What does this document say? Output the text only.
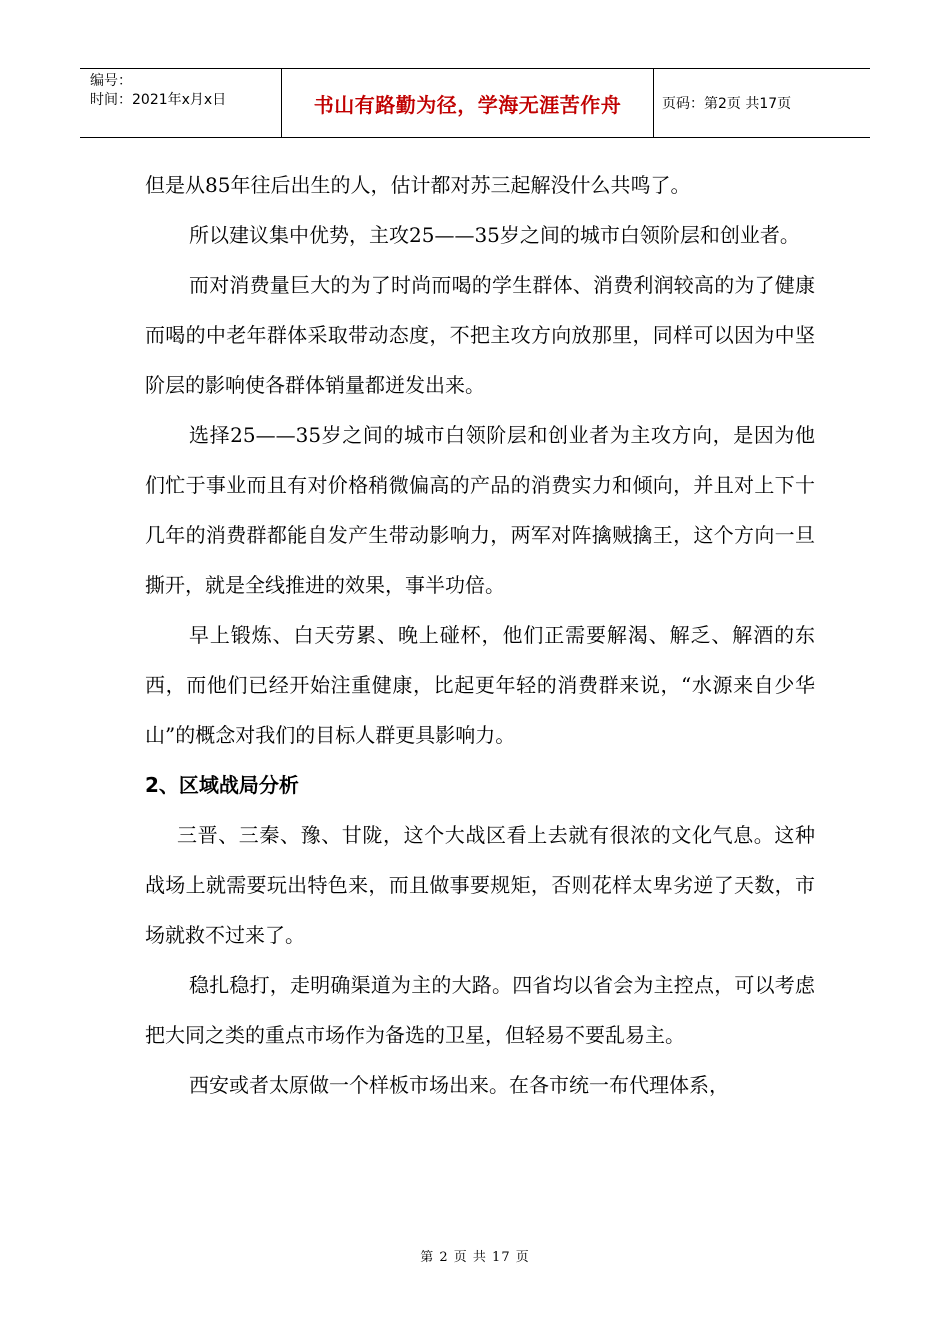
编号：
时间：2021年x月x日	书山有路勤为径，学海无涯苦作舟	页码：第2页 共17页

但是从85年往后出生的人，估计都对苏三起解没什么共鸣了。

所以建议集中优势，主攻25——35岁之间的城市白领阶层和创业者。

而对消费量巨大的为了时尚而喝的学生群体、消费利润较高的为了健康而喝的中老年群体采取带动态度，不把主攻方向放那里，同样可以因为中坚阶层的影响使各群体销量都迸发出来。

选择25——35岁之间的城市白领阶层和创业者为主攻方向，是因为他们忙于事业而且有对价格稍微偏高的产品的消费实力和倾向，并且对上下十几年的消费群都能自发产生带动影响力，两军对阵擒贼擒王，这个方向一旦撕开，就是全线推进的效果，事半功倍。

早上锻炼、白天劳累、晚上碰杯，他们正需要解渴、解乏、解酒的东西，而他们已经开始注重健康，比起更年轻的消费群来说，“水源来自少华山”的概念对我们的目标人群更具影响力。

2、区域战局分析

三晋、三秦、豫、甘陇，这个大战区看上去就有很浓的文化气息。这种战场上就需要玩出特色来，而且做事要规矩，否则花样太卑劣逆了天数，市场就救不过来了。

稳扎稳打，走明确渠道为主的大路。四省均以省会为主控点，可以考虑把大同之类的重点市场作为备选的卫星，但轻易不要乱易主。

西安或者太原做一个样板市场出来。在各市统一布代理体系，

第 2 页 共 17 页
